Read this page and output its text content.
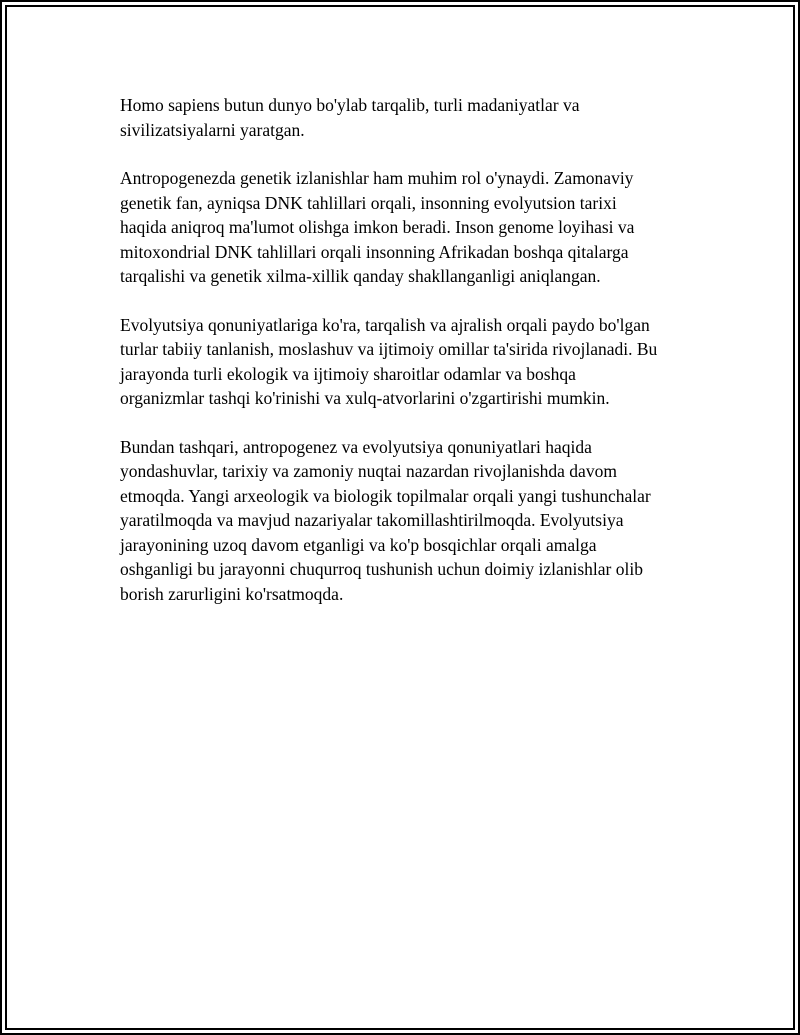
Homo sapiens butun dunyo bo'ylab tarqalib, turli madaniyatlar va
sivilizatsiyalarni yaratgan.

Antropogenezda genetik izlanishlar ham muhim rol o'ynaydi. Zamonaviy
genetik fan, ayniqsa DNK tahlillari orqali, insonning evolyutsion tarixi
haqida aniqroq ma'lumot olishga imkon beradi. Inson genome loyihasi va
mitoxondrial DNK tahlillari orqali insonning Afrikadan boshqa qitalarga
tarqalishi va genetik xilma-xillik qanday shakllanganligi aniqlangan.

Evolyutsiya qonuniyatlariga ko'ra, tarqalish va ajralish orqali paydo bo'lgan
turlar tabiiy tanlanish, moslashuv va ijtimoiy omillar ta'sirida rivojlanadi. Bu
jarayonda turli ekologik va ijtimoiy sharoitlar odamlar va boshqa
organizmlar tashqi ko'rinishi va xulq-atvorlarini o'zgartirishi mumkin.

Bundan tashqari, antropogenez va evolyutsiya qonuniyatlari haqida
yondashuvlar, tarixiy va zamoniy nuqtai nazardan rivojlanishda davom
etmoqda. Yangi arxeologik va biologik topilmalar orqali yangi tushunchalar
yaratilmoqda va mavjud nazariyalar takomillashtirilmoqda. Evolyutsiya
jarayonining uzoq davom etganligi va ko'p bosqichlar orqali amalga
oshganligi bu jarayonni chuqurroq tushunish uchun doimiy izlanishlar olib
borish zarurligini ko'rsatmoqda.
